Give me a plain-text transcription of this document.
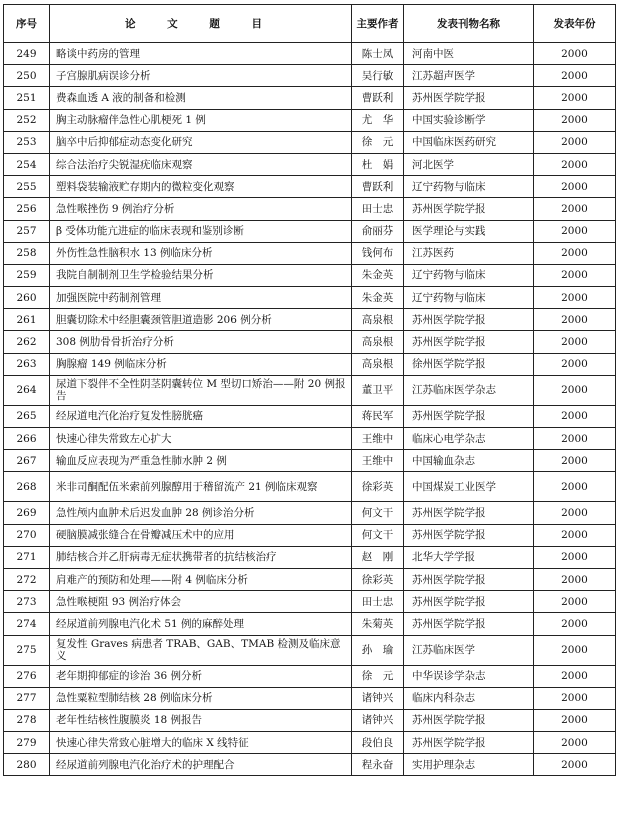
序号	论 文 题 目	主要作者	发表刊物名称	发表年份
249	略谈中药房的管理	陈士凤	河南中医	2000
250	子宫腺肌病误诊分析	吴行敏	江苏超声医学	2000
251	费森血透 A 液的制备和检测	曹跃利	苏州医学院学报	2000
252	胸主动脉瘤伴急性心肌梗死 1 例	尤　华	中国实验诊断学	2000
253	脑卒中后抑郁症动态变化研究	徐　元	中国临床医药研究	2000
254	综合法治疗尖锐湿疣临床观察	杜　娟	河北医学	2000
255	塑料袋装输液贮存期内的微粒变化观察	曹跃利	辽宁药物与临床	2000
256	急性喉挫伤 9 例治疗分析	田士忠	苏州医学院学报	2000
257	β 受体功能亢进症的临床表现和鉴别诊断	俞丽芬	医学理论与实践	2000
258	外伤性急性脑积水 13 例临床分析	钱何布	江苏医药	2000
259	我院自制制剂卫生学检验结果分析	朱金英	辽宁药物与临床	2000
260	加强医院中药制剂管理	朱金英	辽宁药物与临床	2000
261	胆囊切除术中经胆囊颈管胆道造影 206 例分析	高泉根	苏州医学院学报	2000
262	308 例肋骨骨折治疗分析	高泉根	苏州医学院学报	2000
263	胸腺瘤 149 例临床分析	高泉根	徐州医学院学报	2000
264	尿道下裂伴不全性阴茎阴囊转位 M 型切口矫治——附 20 例报告	董卫平	江苏临床医学杂志	2000
265	经尿道电汽化治疗复发性膀胱癌	蒋民军	苏州医学院学报	2000
266	快速心律失常致左心扩大	王维中	临床心电学杂志	2000
267	输血反应表现为严重急性肺水肿 2 例	王维中	中国输血杂志	2000
268	米非司酮配伍米索前列腺醇用于稽留流产 21 例临床观察	徐彩英	中国煤炭工业医学	2000
269	急性颅内血肿术后迟发血肿 28 例诊治分析	何文干	苏州医学院学报	2000
270	硬脑膜减张缝合在骨瓣减压术中的应用	何文干	苏州医学院学报	2000
271	肺结核合并乙肝病毒无症状携带者的抗结核治疗	赵　刚	北华大学学报	2000
272	肩难产的预防和处理——附 4 例临床分析	徐彩英	苏州医学院学报	2000
273	急性喉梗阻 93 例治疗体会	田士忠	苏州医学院学报	2000
274	经尿道前列腺电汽化术 51 例的麻醉处理	朱菊英	苏州医学院学报	2000
275	复发性 Graves 病患者 TRAB、GAB、TMAB 检测及临床意义	孙　瑜	江苏临床医学	2000
276	老年期抑郁症的诊治 36 例分析	徐　元	中华误诊学杂志	2000
277	急性粟粒型肺结核 28 例临床分析	诸钟兴	临床内科杂志	2000
278	老年性结核性腹膜炎 18 例报告	诸钟兴	苏州医学院学报	2000
279	快速心律失常致心脏增大的临床 X 线特征	段伯良	苏州医学院学报	2000
280	经尿道前列腺电汽化治疗术的护理配合	程永奋	实用护理杂志	2000
